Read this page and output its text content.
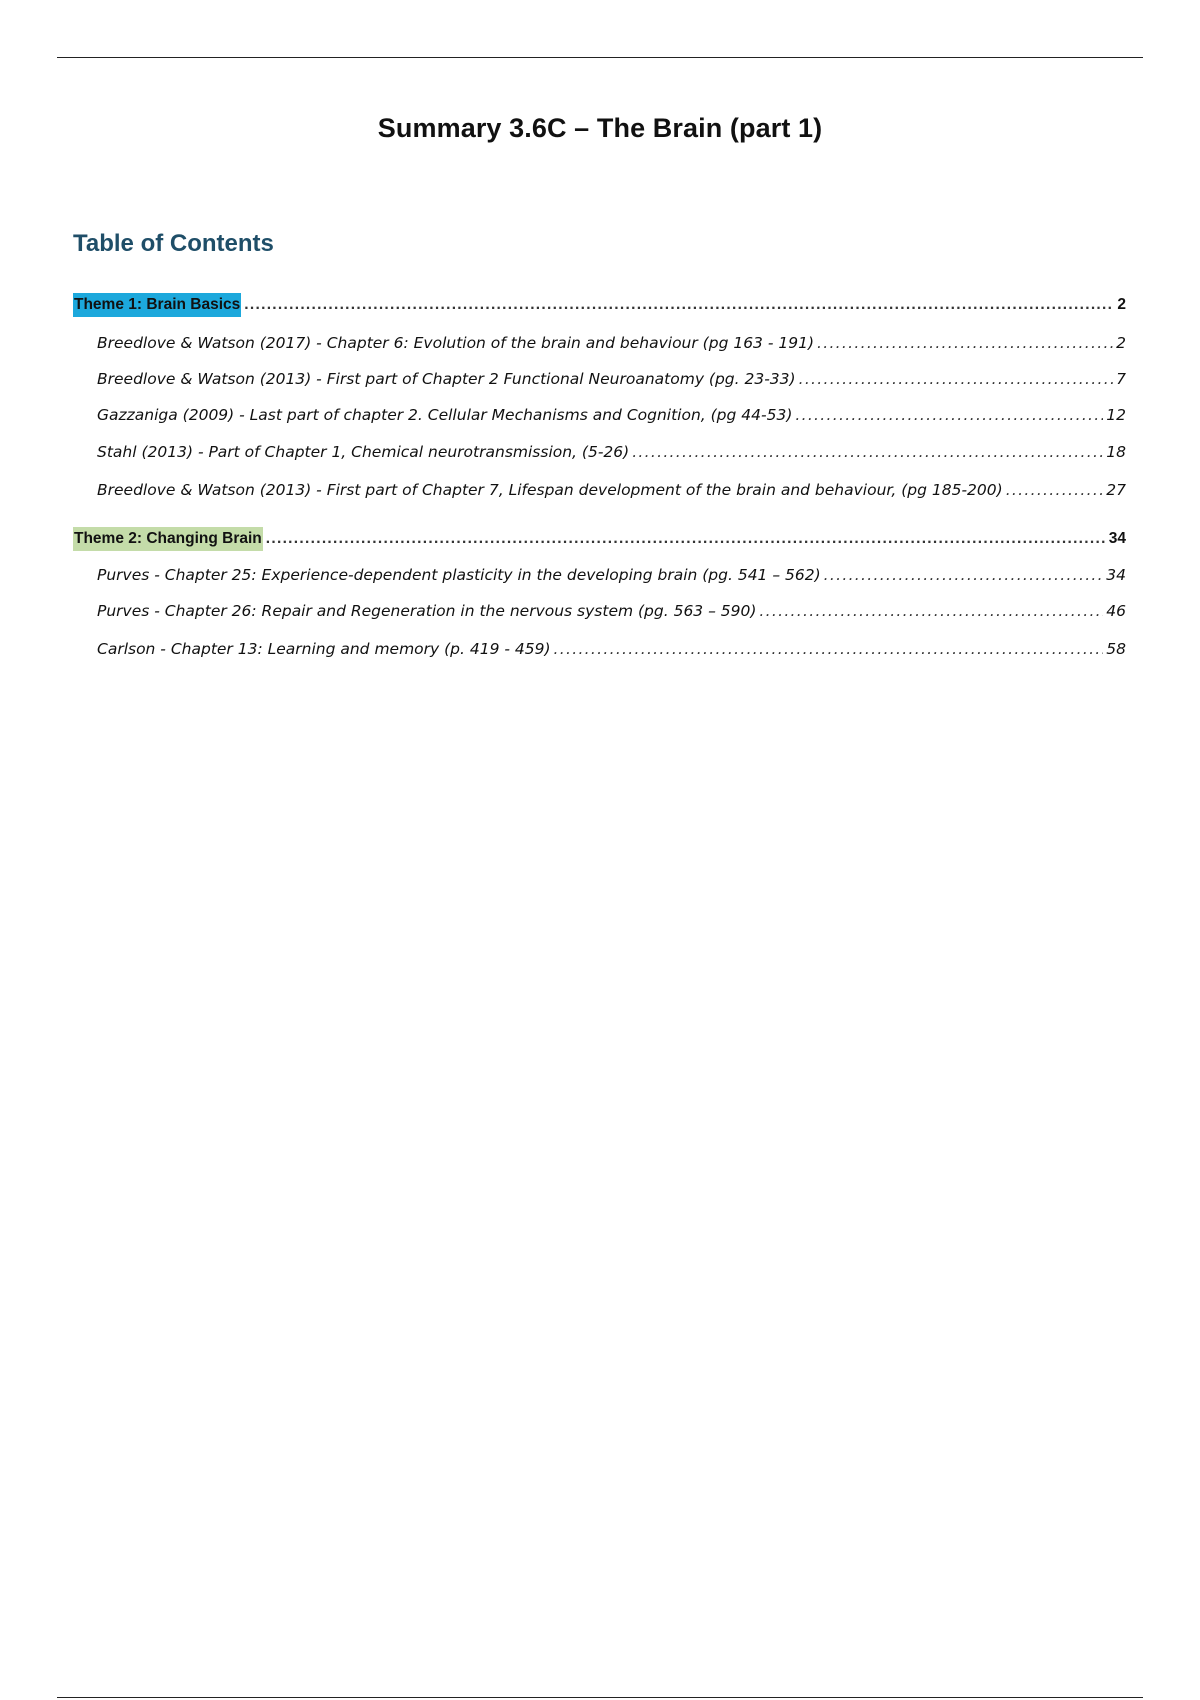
Summary 3.6C – The Brain (part 1)
Table of Contents
Theme 1: Brain Basics .....	2
Breedlove & Watson (2017) - Chapter 6: Evolution of the brain and behaviour (pg 163 - 191) .....	2
Breedlove & Watson (2013) - First part of Chapter 2 Functional Neuroanatomy (pg. 23-33) .....	7
Gazzaniga (2009) - Last part of chapter 2. Cellular Mechanisms and Cognition, (pg 44-53) .....	12
Stahl (2013) - Part of Chapter 1, Chemical neurotransmission, (5-26) .....	18
Breedlove & Watson (2013) - First part of Chapter 7, Lifespan development of the brain and behaviour, (pg 185-200) .....	27
Theme 2: Changing Brain .....	34
Purves - Chapter 25: Experience-dependent plasticity in the developing brain (pg. 541 – 562) .....	34
Purves - Chapter 26: Repair and Regeneration in the nervous system (pg. 563 – 590) .....	46
Carlson - Chapter 13: Learning and memory (p. 419 - 459) .....	58
